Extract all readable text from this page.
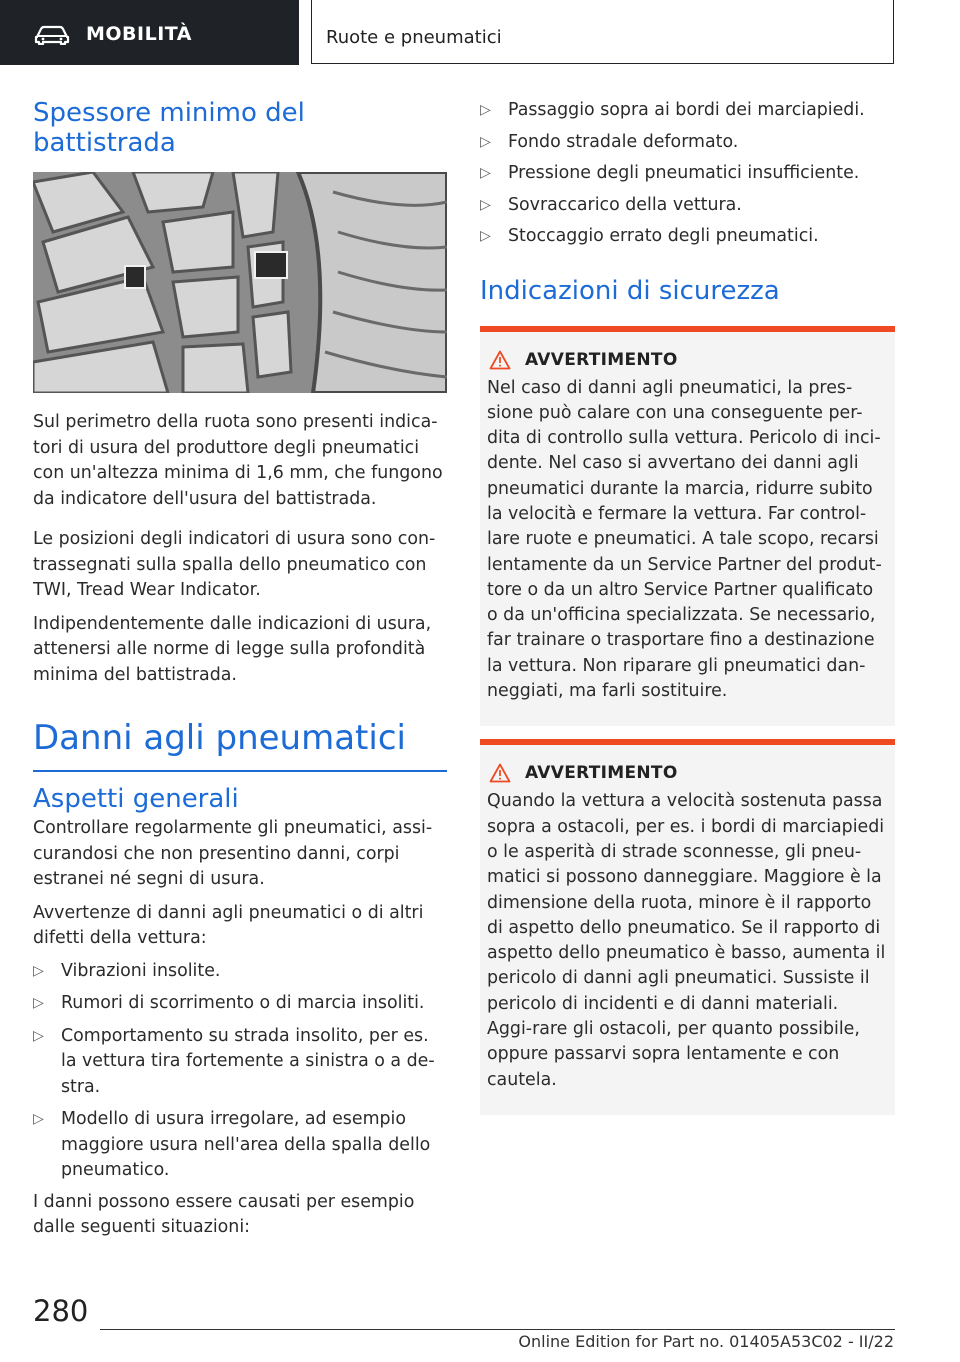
MOBILITÀ	Ruote e pneumatici
Spessore minimo del battistrada

Sul perimetro della ruota sono presenti indica-tori di usura del produttore degli pneumatici con un'altezza minima di 1,6 mm, che fungono da indicatore dell'usura del battistrada.

Le posizioni degli indicatori di usura sono con-trassegnati sulla spalla dello pneumatico con TWI, Tread Wear Indicator.

Indipendentemente dalle indicazioni di usura, attenersi alle norme di legge sulla profondità minima del battistrada.

Danni agli pneumatici
Aspetti generali

Controllare regolarmente gli pneumatici, assi-curandosi che non presentino danni, corpi estranei né segni di usura.

Avvertenze di danni agli pneumatici o di altri difetti della vettura:

▷ Vibrazioni insolite.
▷ Rumori di scorrimento o di marcia insoliti.
▷ Comportamento su strada insolito, per es. la vettura tira fortemente a sinistra o a de-stra.
▷ Modello di usura irregolare, ad esempio maggiore usura nell'area della spalla dello pneumatico.

I danni possono essere causati per esempio dalle seguenti situazioni:

▷ Passaggio sopra ai bordi dei marciapiedi.
▷ Fondo stradale deformato.
▷ Pressione degli pneumatici insufficiente.
▷ Sovraccarico della vettura.
▷ Stoccaggio errato degli pneumatici.
Indicazioni di sicurezza
AVVERTIMENTO

Nel caso di danni agli pneumatici, la pres-sione può calare con una conseguente per-dita di controllo sulla vettura. Pericolo di inci-dente. Nel caso si avvertano dei danni agli pneumatici durante la marcia, ridurre subito la velocità e fermare la vettura. Far control-lare ruote e pneumatici. A tale scopo, recarsi lentamente da un Service Partner del produt-tore o da un altro Service Partner qualificato o da un'officina specializzata. Se necessario, far trainare o trasportare fino a destinazione la vettura. Non riparare gli pneumatici dan-neggiati, ma farli sostituire.

AVVERTIMENTO

Quando la vettura a velocità sostenuta passa sopra a ostacoli, per es. i bordi di marciapiedi o le asperità di strade sconnesse, gli pneu-matici si possono danneggiare. Maggiore è la dimensione della ruota, minore è il rapporto di aspetto dello pneumatico. Se il rapporto di aspetto dello pneumatico è basso, aumenta il pericolo di danni agli pneumatici. Sussiste il pericolo di incidenti e di danni materiali. Aggi-rare gli ostacoli, per quanto possibile, oppure passarvi sopra lentamente e con cautela.

280
Online Edition for Part no. 01405A53C02 - II/22
